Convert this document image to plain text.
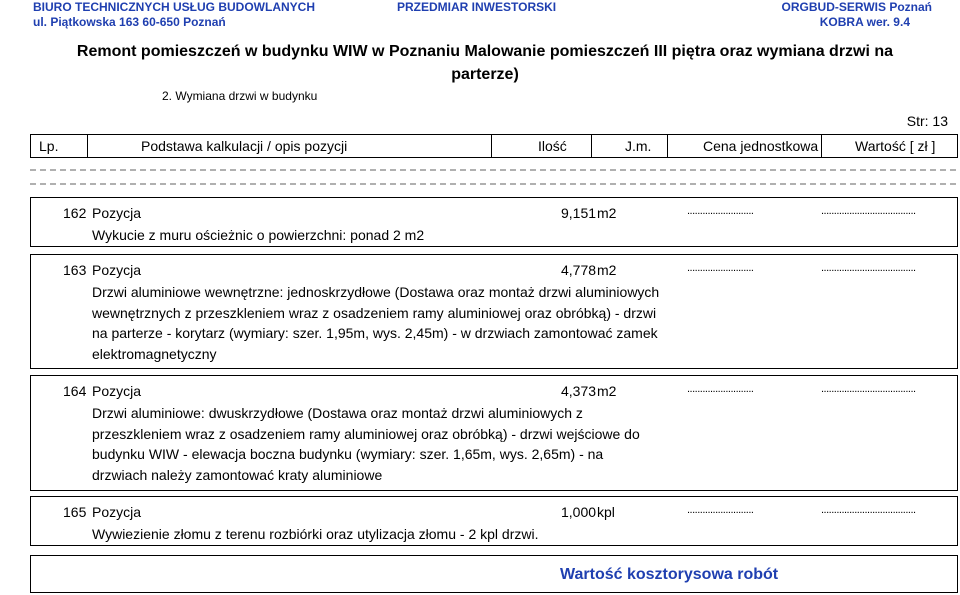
BIURO TECHNICZNYCH USŁUG BUDOWLANYCH
ul. Piątkowska 163 60-650 Poznań
PRZEDMIAR INWESTORSKI	ORGBUD-SERWIS Poznań
KOBRA wer. 9.4
Remont pomieszczeń w budynku WIW w Poznaniu Malowanie pomieszczeń III piętra oraz wymiana drzwi na parterze)
2. Wymiana drzwi w budynku
Str: 13
Lp.	Podstawa kalkulacji / opis pozycji	Ilość	J.m.	Cena jednostkowa	Wartość [ zł ]
162 Pozycja	9,151 m2	..........................	.....................................
Wykucie z muru ościeżnic o powierzchni: ponad 2 m2
163 Pozycja	4,778 m2	..........................	.....................................
Drzwi aluminiowe wewnętrzne: jednoskrzydłowe (Dostawa oraz montaż drzwi aluminiowych wewnętrznych z przeszkleniem wraz z osadzeniem ramy aluminiowej oraz obróbką) - drzwi na parterze - korytarz (wymiary: szer. 1,95m, wys. 2,45m) - w drzwiach zamontować zamek elektromagnetyczny
164 Pozycja	4,373 m2	..........................	.....................................
Drzwi aluminiowe: dwuskrzydłowe (Dostawa oraz montaż drzwi aluminiowych z przeszkleniem wraz z osadzeniem ramy aluminiowej oraz obróbką) - drzwi wejściowe do budynku WIW - elewacja boczna budynku (wymiary: szer. 1,65m, wys. 2,65m) - na drzwiach należy zamontować kraty aluminiowe
165 Pozycja	1,000 kpl	..........................	.....................................
Wywiezienie złomu z terenu rozbiórki oraz utylizacja złomu - 2 kpl drzwi.
Wartość kosztorysowa robót
